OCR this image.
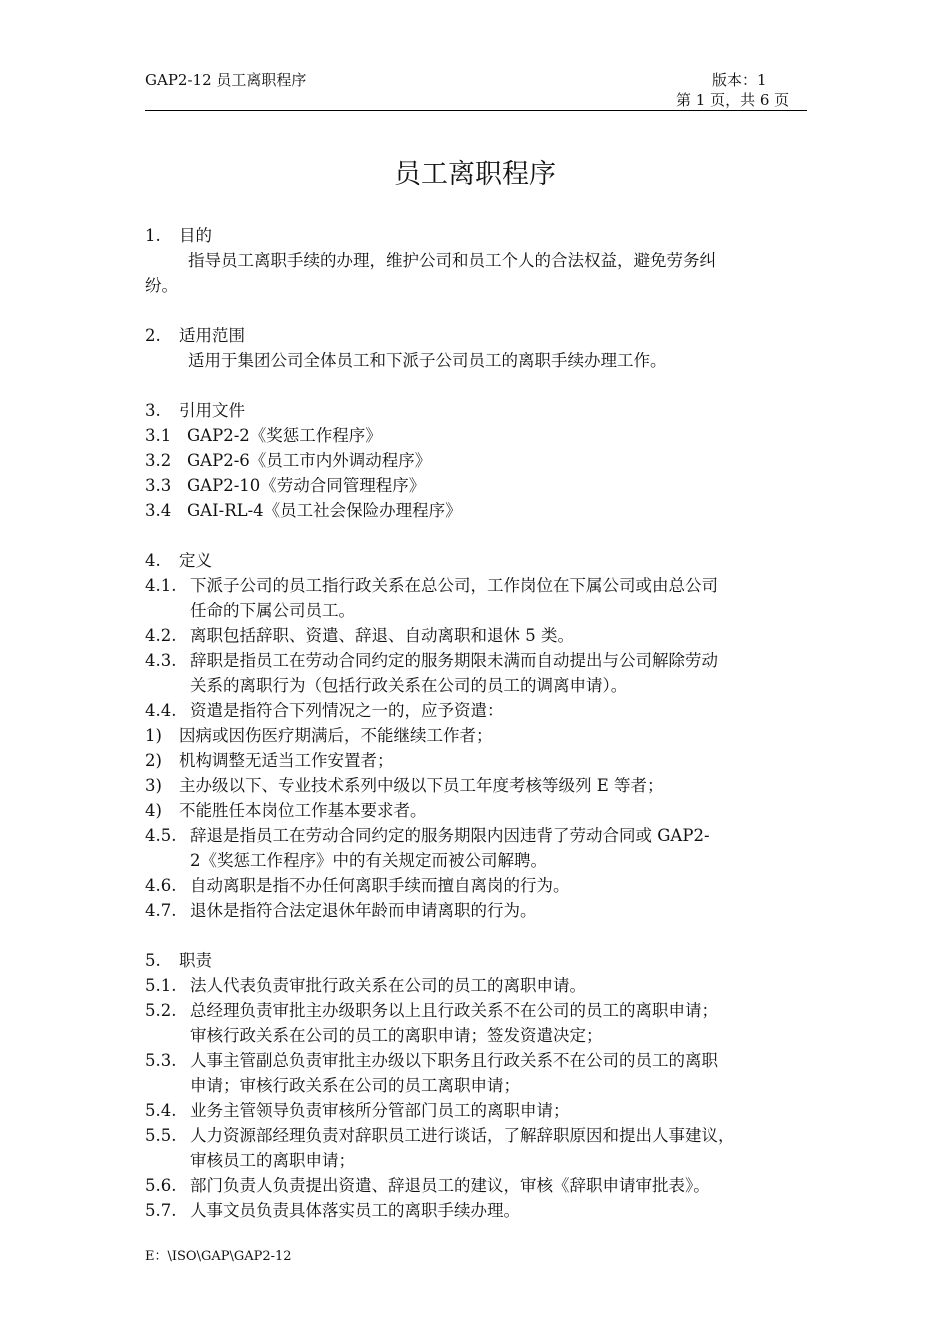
GAP2-12 员工离职程序	版本：1
第 1 页，共 6 页
员工离职程序
1. 目的
指导员工离职手续的办理，维护公司和员工个人的合法权益，避免劳务纠
纷。
2. 适用范围
适用于集团公司全体员工和下派子公司员工的离职手续办理工作。
3. 引用文件
3.1 GAP2-2《奖惩工作程序》
3.2 GAP2-6《员工市内外调动程序》
3.3 GAP2-10《劳动合同管理程序》
3.4 GAI-RL-4《员工社会保险办理程序》
4. 定义
4.1. 下派子公司的员工指行政关系在总公司，工作岗位在下属公司或由总公司
任命的下属公司员工。
4.2. 离职包括辞职、资遣、辞退、自动离职和退休 5 类。
4.3. 辞职是指员工在劳动合同约定的服务期限未满而自动提出与公司解除劳动
关系的离职行为（包括行政关系在公司的员工的调离申请）。
4.4. 资遣是指符合下列情况之一的，应予资遣：
1) 因病或因伤医疗期满后，不能继续工作者；
2) 机构调整无适当工作安置者；
3) 主办级以下、专业技术系列中级以下员工年度考核等级列 E 等者；
4) 不能胜任本岗位工作基本要求者。
4.5. 辞退是指员工在劳动合同约定的服务期限内因违背了劳动合同或 GAP2-
2《奖惩工作程序》中的有关规定而被公司解聘。
4.6. 自动离职是指不办任何离职手续而擅自离岗的行为。
4.7. 退休是指符合法定退休年龄而申请离职的行为。
5. 职责
5.1. 法人代表负责审批行政关系在公司的员工的离职申请。
5.2. 总经理负责审批主办级职务以上且行政关系不在公司的员工的离职申请；
审核行政关系在公司的员工的离职申请；签发资遣决定；
5.3. 人事主管副总负责审批主办级以下职务且行政关系不在公司的员工的离职
申请；审核行政关系在公司的员工离职申请；
5.4. 业务主管领导负责审核所分管部门员工的离职申请；
5.5. 人力资源部经理负责对辞职员工进行谈话，了解辞职原因和提出人事建议，
审核员工的离职申请；
5.6. 部门负责人负责提出资遣、辞退员工的建议，审核《辞职申请审批表》。
5.7. 人事文员负责具体落实员工的离职手续办理。
E：\ISO\GAP\GAP2-12
